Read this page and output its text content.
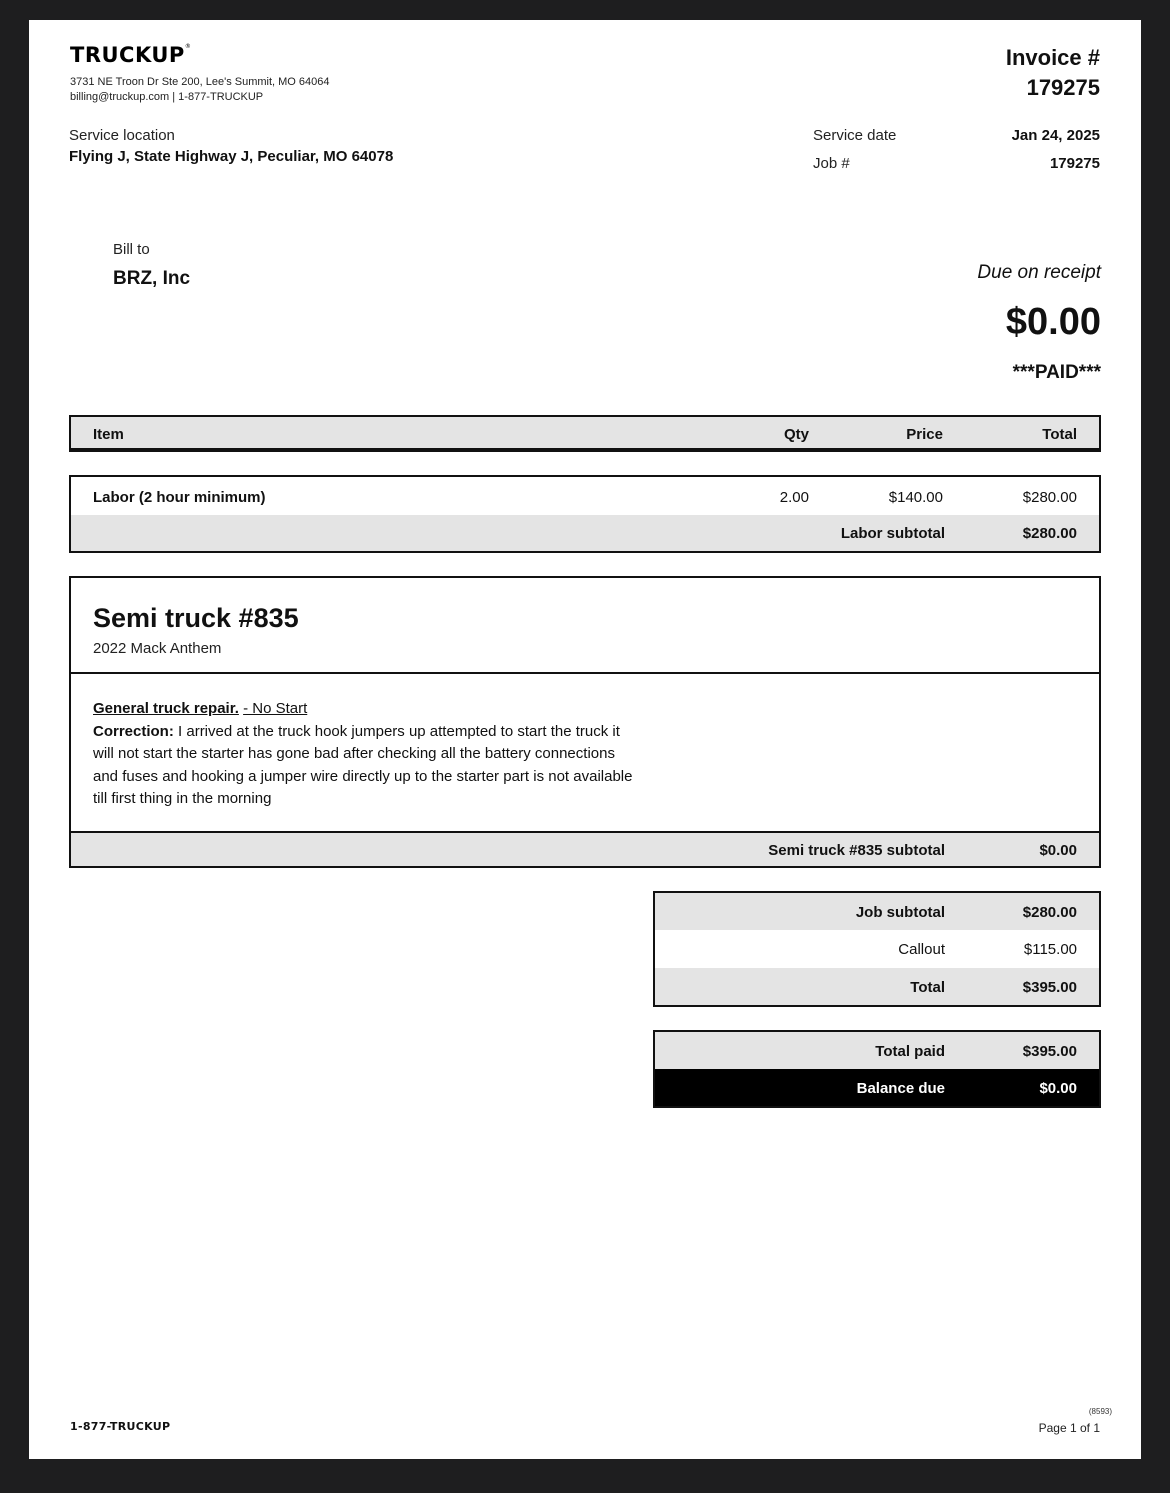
TRUCKUP®
3731 NE Troon Dr Ste 200, Lee's Summit, MO 64064
billing@truckup.com | 1-877-TRUCKUP
Invoice #
179275
Service location
Flying J, State Highway J, Peculiar, MO 64078
Service date	Jan 24, 2025
Job #	179275
Bill to
BRZ, Inc	Due on receipt
$0.00
***PAID***
Item	Qty	Price	Total
Labor (2 hour minimum)	2.00	$140.00	$280.00
Labor subtotal	$280.00
Semi truck #835
2022 Mack Anthem
General truck repair. - No Start
Correction: I arrived at the truck hook jumpers up attempted to start the truck it will not start the starter has gone bad after checking all the battery connections and fuses and hooking a jumper wire directly up to the starter part is not available till first thing in the morning
Semi truck #835 subtotal	$0.00
Job subtotal	$280.00
Callout	$115.00
Total	$395.00
Total paid	$395.00
Balance due	$0.00
1-877-TRUCKUP
(8593)
Page 1 of 1
